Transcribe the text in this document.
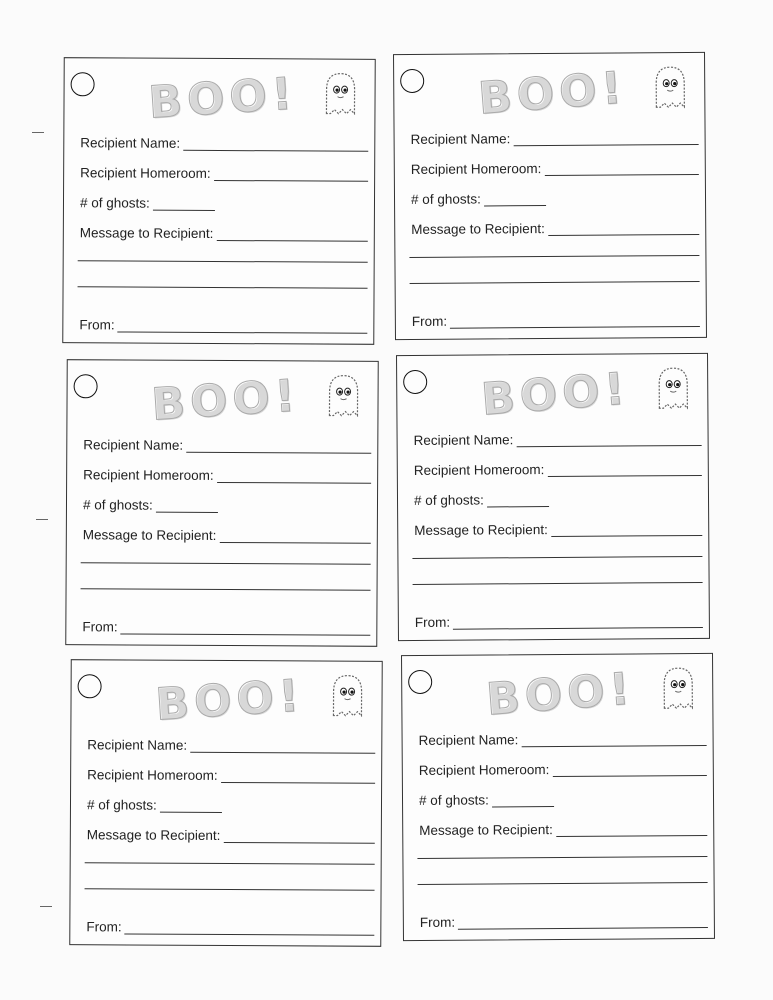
BOO!
Recipient Name:
Recipient Homeroom:
# of ghosts:
Message to Recipient:
From:
BOO!
Recipient Name:
Recipient Homeroom:
# of ghosts:
Message to Recipient:
From:
BOO!
Recipient Name:
Recipient Homeroom:
# of ghosts:
Message to Recipient:
From:
BOO!
Recipient Name:
Recipient Homeroom:
# of ghosts:
Message to Recipient:
From:
BOO!
Recipient Name:
Recipient Homeroom:
# of ghosts:
Message to Recipient:
From:
BOO!
Recipient Name:
Recipient Homeroom:
# of ghosts:
Message to Recipient:
From:
